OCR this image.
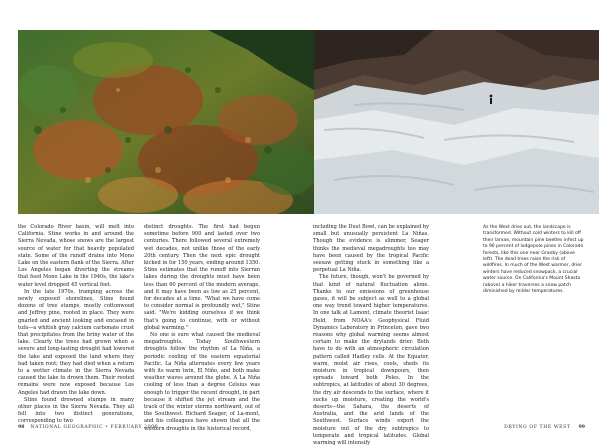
the Colorado River basin, will melt into California. Stine works in and around the Sierra Nevada, whose snows are the largest source of water for that heavily populated state. Some of the runoff drains into Mono Lake on the eastern flank of the Sierra. After Los Angeles began diverting the streams that feed Mono Lake in the 1940s, the lake's water level dropped 45 vertical feet.

In the late 1970s, tramping across the newly exposed shorelines, Stine found dozens of tree stumps, mostly cottonwood and Jeffrey pine, rooted in place. They were gnarled and ancient looking and encased in tufa—a whitish gray calcium carbonate crust that precipitates from the briny water of the lake. Clearly the trees had grown when a severe and long-lasting drought had lowered the lake and exposed the land where they had taken root; they had died when a return to a wetter climate in the Sierra Nevada caused the lake to drown them. Their rooted remains were now exposed because Los Angeles had drawn the lake down.

Stine found drowned stumps in many other places in the Sierra Nevada. They all fell into two distinct generations, corresponding to two

distinct droughts. The first had begun sometime before 900 and lasted over two centuries. There followed several extremely wet decades, not unlike those of the early 20th century. Then the next epic drought kicked in for 150 years, ending around 1350. Stine estimates that the runoff into Sierran lakes during the droughts must have been less than 60 percent of the modern average, and it may have been as low as 25 percent, for decades at a time. "What we have come to consider normal is profoundly wet," Stine said. "We're kidding ourselves if we think that's going to continue, with or without global warming."

No one is sure what caused the medieval megadroughts. Today Southwestern droughts follow the rhythm of La Niña, a periodic cooling of the eastern equatorial Pacific. La Niña alternates every few years with its warm twin, El Niño, and both make weather waves around the globe. A La Niña cooling of less than a degree Celsius was enough to trigger the recent drought, in part because it shifted the jet stream and the track of the winter storms northward, out of the Southwest. Richard Seager, of La-mont, and his colleagues have shown that all the western droughts in the historical record,

including the Dust Bowl, can be explained by small but unusually persistent La Niñas. Though the evidence is slimmer, Seager thinks the medieval megadroughts too may have been caused by the tropical Pacific seesaw getting stuck in something like a perpetual La Niña.

The future, though, won't be governed by that kind of natural fluctuation alone. Thanks to our emissions of greenhouse gases, it will be subject as well to a global one way trend toward higher temperatures. In one talk at Lamont, climate theorist Isaac Held, from NOAA's Geophysical Fluid Dynamics Laboratory in Princeton, gave two reasons why global warming seems almost certain to make the drylands drier. Both have to do with an atmospheric circulation pattern called Hadley cells. At the Equator, warm, moist air rises, cools, sheds its moisture in tropical downpours, then spreads toward both Poles. In the subtropics, at latitudes of about 30 degrees, the dry air descends to the surface, where it sucks up moisture, creating the world's deserts—the Sahara, the deserts of Australia, and the arid lands of the Southwest. Surface winds export the moisture out of the dry subtropics to temperate and tropical latitudes. Global warming will intensify

As the West dries out, the landscape is transformed. Without cold winters to kill off their larvae, mountain pine beetles infest up to 90 percent of lodgepole pines in Colorado forests, like this one near Granby (above left). The dead trees raise the risk of wildfires. In much of the West warmer, drier winters have reduced snowpack, a crucial water source. On California's Mount Shasta (above) a hiker traverses a snow patch diminished by milder temperatures.
98 NATIONAL GEOGRAPHIC • FEBRUARY 2008	DRYING OF THE WEST 99
